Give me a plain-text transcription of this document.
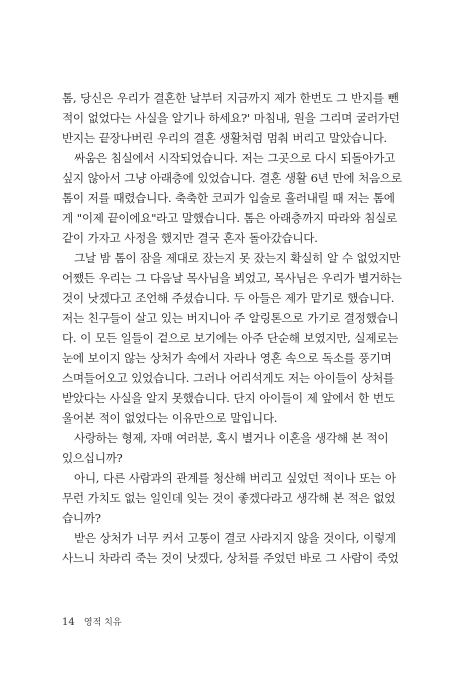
톰, 당신은 우리가 결혼한 날부터 지금까지 제가 한번도 그 반지를 뺀
적이 없었다는 사실을 알기나 하세요?' 마침내, 원을 그리며 굴러가던
반지는 끝장나버린 우리의 결혼 생활처럼 멈춰 버리고 말았습니다.

싸움은 침실에서 시작되었습니다. 저는 그곳으로 다시 되돌아가고
싶지 않아서 그냥 아래층에 있었습니다. 결혼 생활 6년 만에 처음으로
톰이 저를 때렸습니다. 축축한 코피가 입술로 흘러내릴 때 저는 톰에
게 "이제 끝이에요"라고 말했습니다. 톰은 아래층까지 따라와 침실로
같이 가자고 사정을 했지만 결국 혼자 돌아갔습니다.

그날 밤 톰이 잠을 제대로 잤는지 못 잤는지 확실히 알 수 없었지만
어쨌든 우리는 그 다음날 목사님을 뵈었고, 목사님은 우리가 별거하는
것이 낫겠다고 조언해 주셨습니다. 두 아들은 제가 맡기로 했습니다.
저는 친구들이 살고 있는 버지니아 주 알링톤으로 가기로 결정했습니
다. 이 모든 일들이 겉으로 보기에는 아주 단순해 보였지만, 실제로는
눈에 보이지 않는 상처가 속에서 자라나 영혼 속으로 독소를 풍기며
스며들어오고 있었습니다. 그러나 어리석게도 저는 아이들이 상처를
받았다는 사실을 알지 못했습니다. 단지 아이들이 제 앞에서 한 번도
울어본 적이 없었다는 이유만으로 말입니다.

사랑하는 형제, 자매 여러분, 혹시 별거나 이혼을 생각해 본 적이
있으십니까?

아니, 다른 사람과의 관계를 청산해 버리고 싶었던 적이나 또는 아
무런 가치도 없는 일인데 잊는 것이 좋겠다라고 생각해 본 적은 없었
습니까?

받은 상처가 너무 커서 고통이 결코 사라지지 않을 것이다, 이렇게
사느니 차라리 죽는 것이 낫겠다, 상처를 주었던 바로 그 사람이 죽었

14 영적 치유
